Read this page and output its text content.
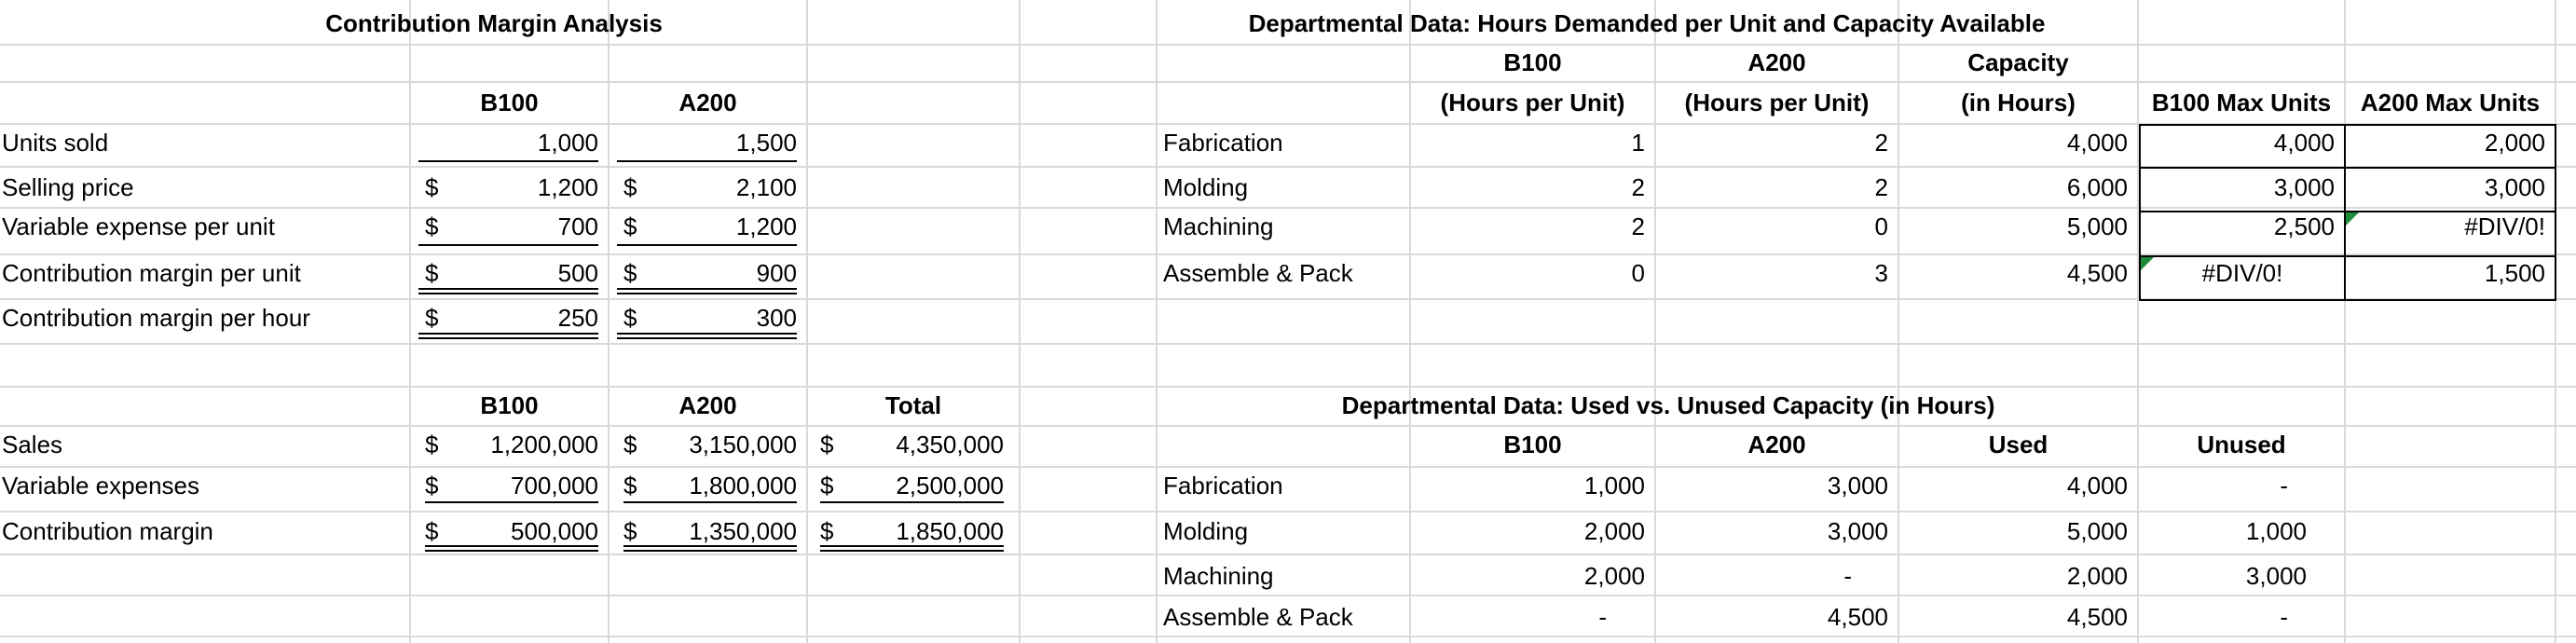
Contribution Margin Analysis
B100	A200
Units sold	1,000	1,500
Selling price	$	1,200 $	2,100
Variable expense per unit	$	700 $	1,200
Contribution margin per unit	$	500 $	900
Contribution margin per hour	$	250 $	300
B100	A200	Total
Sales	$	1,200,000 $	3,150,000 $	4,350,000
Variable expenses	$	700,000 $	1,800,000 $	2,500,000
Contribution margin	$	500,000 $	1,350,000 $	1,850,000
Departmental Data: Hours Demanded per Unit and Capacity Available
B100	A200	Capacity
(Hours per Unit)	(Hours per Unit)	(in Hours)	B100 Max Units	A200 Max Units
Fabrication	1	2	4,000	4,000	2,000
Molding	2	2	6,000	3,000	3,000
Machining	2	0	5,000	2,500	#DIV/0!
Assemble & Pack	0	3	4,500	#DIV/0!	1,500
Departmental Data: Used vs. Unused Capacity (in Hours)
B100	A200	Used	Unused
Fabrication	1,000	3,000	4,000	-
Molding	2,000	3,000	5,000	1,000
Machining	2,000	-	2,000	3,000
Assemble & Pack	-	4,500	4,500	-
